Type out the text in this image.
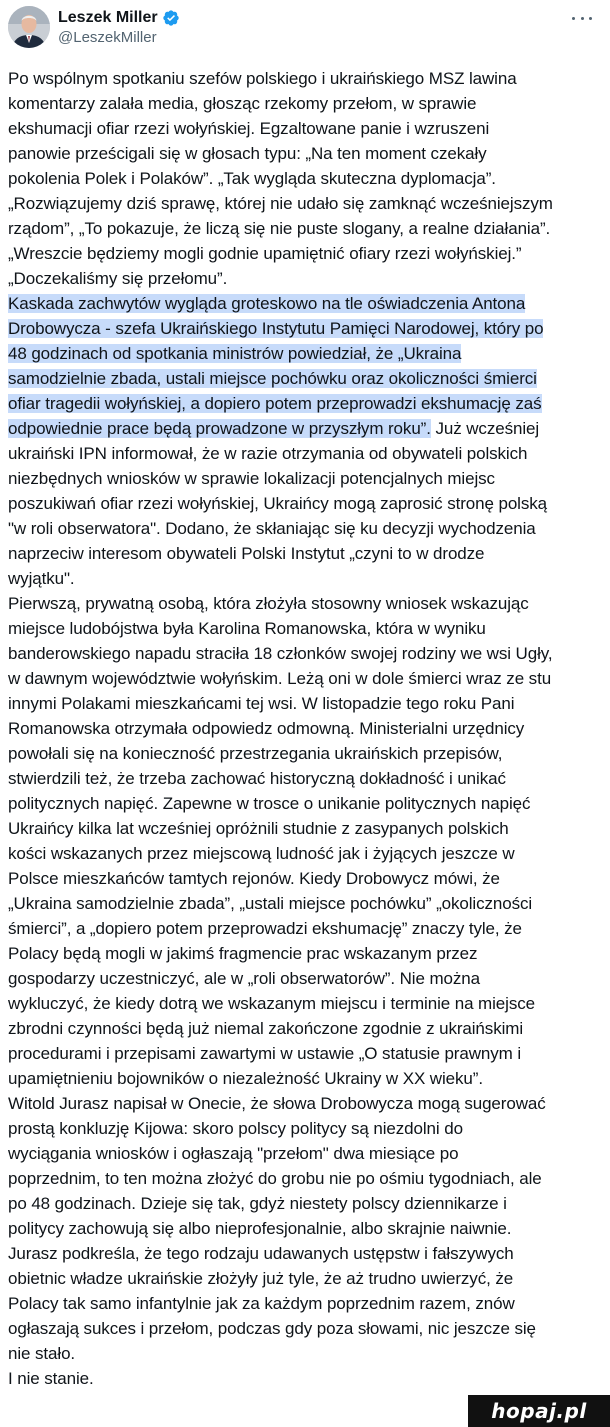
Leszek Miller
@LeszekMiller

Po wspólnym spotkaniu szefów polskiego i ukraińskiego MSZ lawina

komentarzy zalała media, głosząc rzekomy przełom, w sprawie

ekshumacji ofiar rzezi wołyńskiej. Egzaltowane panie i wzruszeni

panowie prześcigali się w głosach typu: „Na ten moment czekały

pokolenia Polek i Polaków”. „Tak wygląda skuteczna dyplomacja”.

„Rozwiązujemy dziś sprawę, której nie udało się zamknąć wcześniejszym

rządom”, „To pokazuje, że liczą się nie puste slogany, a realne działania”.

„Wreszcie będziemy mogli godnie upamiętnić ofiary rzezi wołyńskiej.”

„Doczekaliśmy się przełomu”.

Kaskada zachwytów wygląda groteskowo na tle oświadczenia Antona

Drobowycza - szefa Ukraińskiego Instytutu Pamięci Narodowej, który po

48 godzinach od spotkania ministrów powiedział, że „Ukraina

samodzielnie zbada, ustali miejsce pochówku oraz okoliczności śmierci

ofiar tragedii wołyńskiej, a dopiero potem przeprowadzi ekshumację zaś

odpowiednie prace będą prowadzone w przyszłym roku”. Już wcześniej

ukraiński IPN informował, że w razie otrzymania od obywateli polskich

niezbędnych wniosków w sprawie lokalizacji potencjalnych miejsc

poszukiwań ofiar rzezi wołyńskiej, Ukraińcy mogą zaprosić stronę polską

"w roli obserwatora". Dodano, że skłaniając się ku decyzji wychodzenia

naprzeciw interesom obywateli Polski Instytut „czyni to w drodze

wyjątku".

Pierwszą, prywatną osobą, która złożyła stosowny wniosek wskazując

miejsce ludobójstwa była Karolina Romanowska, która w wyniku

banderowskiego napadu straciła 18 członków swojej rodziny we wsi Ugły,

w dawnym województwie wołyńskim. Leżą oni w dole śmierci wraz ze stu

innymi Polakami mieszkańcami tej wsi. W listopadzie tego roku Pani

Romanowska otrzymała odpowiedz odmowną. Ministerialni urzędnicy

powołali się na konieczność przestrzegania ukraińskich przepisów,

stwierdzili też, że trzeba zachować historyczną dokładność i unikać

politycznych napięć. Zapewne w trosce o unikanie politycznych napięć

Ukraińcy kilka lat wcześniej opróżnili studnie z zasypanych polskich

kości wskazanych przez miejscową ludność jak i żyjących jeszcze w

Polsce mieszkańców tamtych rejonów. Kiedy Drobowycz mówi, że

„Ukraina samodzielnie zbada”, „ustali miejsce pochówku” „okoliczności

śmierci”, a „dopiero potem przeprowadzi ekshumację” znaczy tyle, że

Polacy będą mogli w jakimś fragmencie prac wskazanym przez

gospodarzy uczestniczyć, ale w „roli obserwatorów”. Nie można

wykluczyć, że kiedy dotrą we wskazanym miejscu i terminie na miejsce

zbrodni czynności będą już niemal zakończone zgodnie z ukraińskimi

procedurami i przepisami zawartymi w ustawie „O statusie prawnym i

upamiętnieniu bojowników o niezależność Ukrainy w XX wieku”.

Witold Jurasz napisał w Onecie, że słowa Drobowycza mogą sugerować

prostą konkluzję Kijowa: skoro polscy politycy są niezdolni do

wyciągania wniosków i ogłaszają "przełom" dwa miesiące po

poprzednim, to ten można złożyć do grobu nie po ośmiu tygodniach, ale

po 48 godzinach. Dzieje się tak, gdyż niestety polscy dziennikarze i

politycy zachowują się albo nieprofesjonalnie, albo skrajnie naiwnie.

Jurasz podkreśla, że tego rodzaju udawanych ustępstw i fałszywych

obietnic władze ukraińskie złożyły już tyle, że aż trudno uwierzyć, że

Polacy tak samo infantylnie jak za każdym poprzednim razem, znów

ogłaszają sukces i przełom, podczas gdy poza słowami, nic jeszcze się

nie stało.

I nie stanie.

hopaj.pl
